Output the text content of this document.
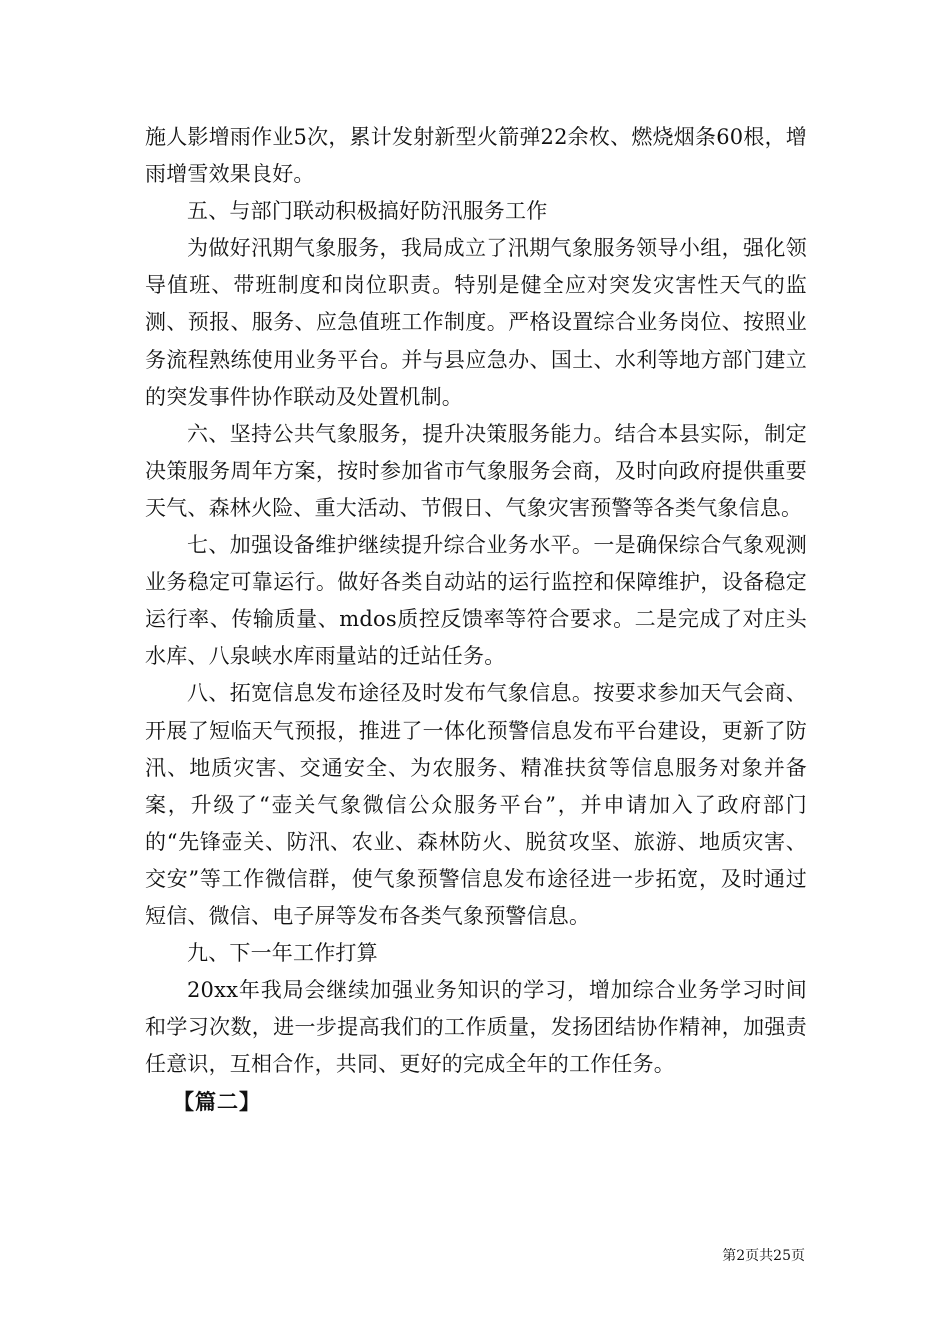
施人影增雨作业5次，累计发射新型火箭弹22余枚、燃烧烟条60根，增雨增雪效果良好。

五、与部门联动积极搞好防汛服务工作

为做好汛期气象服务，我局成立了汛期气象服务领导小组，强化领导值班、带班制度和岗位职责。特别是健全应对突发灾害性天气的监测、预报、服务、应急值班工作制度。严格设置综合业务岗位、按照业务流程熟练使用业务平台。并与县应急办、国土、水利等地方部门建立的突发事件协作联动及处置机制。

六、坚持公共气象服务，提升决策服务能力。结合本县实际，制定决策服务周年方案，按时参加省市气象服务会商，及时向政府提供重要天气、森林火险、重大活动、节假日、气象灾害预警等各类气象信息。

七、加强设备维护继续提升综合业务水平。一是确保综合气象观测业务稳定可靠运行。做好各类自动站的运行监控和保障维护，设备稳定运行率、传输质量、mdos质控反馈率等符合要求。二是完成了对庄头水库、八泉峡水库雨量站的迁站任务。

八、拓宽信息发布途径及时发布气象信息。按要求参加天气会商、开展了短临天气预报，推进了一体化预警信息发布平台建设，更新了防汛、地质灾害、交通安全、为农服务、精准扶贫等信息服务对象并备案，升级了“壶关气象微信公众服务平台”，并申请加入了政府部门的“先锋壶关、防汛、农业、森林防火、脱贫攻坚、旅游、地质灾害、交安”等工作微信群，使气象预警信息发布途径进一步拓宽，及时通过短信、微信、电子屏等发布各类气象预警信息。

九、下一年工作打算

20xx年我局会继续加强业务知识的学习，增加综合业务学习时间和学习次数，进一步提高我们的工作质量，发扬团结协作精神，加强责任意识，互相合作，共同、更好的完成全年的工作任务。

【篇二】

第2页共25页
